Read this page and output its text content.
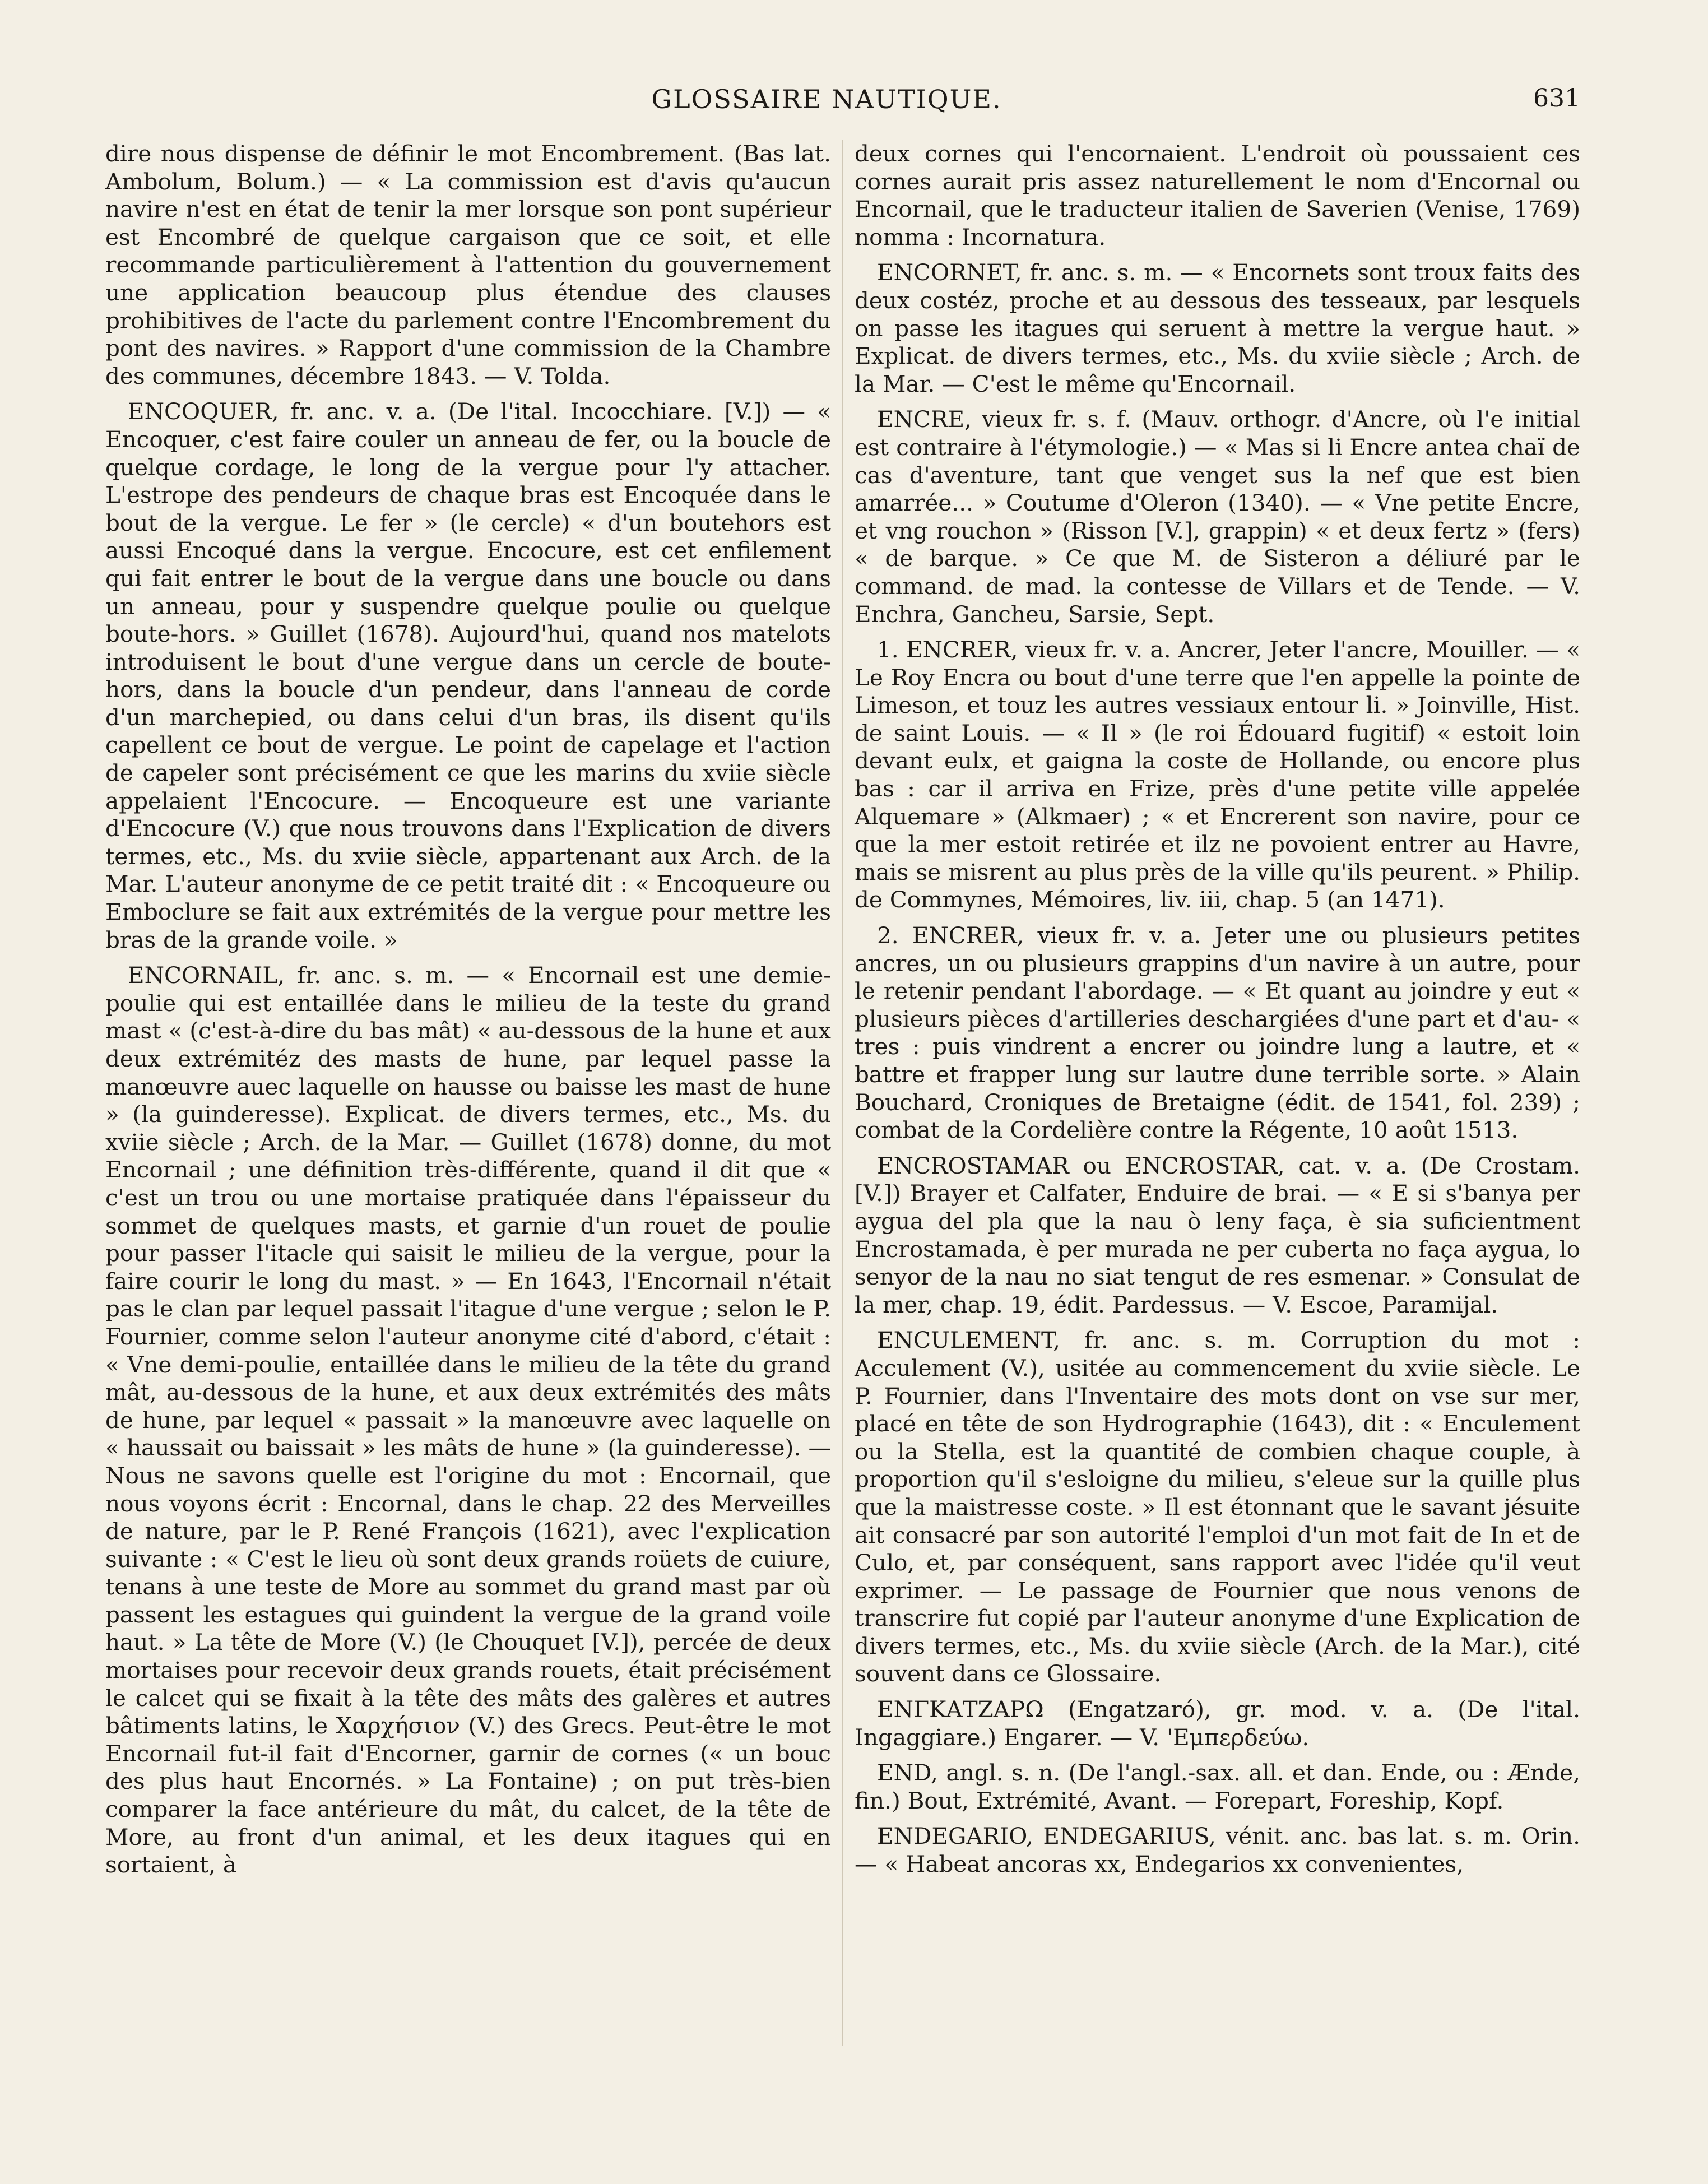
GLOSSAIRE NAUTIQUE.	631

dire nous dispense de définir le mot Encombrement. (Bas lat. Ambolum, Bolum.) — « La commission est d'avis qu'aucun navire n'est en état de tenir la mer lorsque son pont supérieur est Encombré de quelque cargaison que ce soit, et elle recommande particulièrement à l'attention du gouvernement une application beaucoup plus étendue des clauses prohibitives de l'acte du parlement contre l'Encombrement du pont des navires. » Rapport d'une commission de la Chambre des communes, décembre 1843. — V. Tolda.

ENCOQUER, fr. anc. v. a. (De l'ital. Incocchiare. [V.]) — « Encoquer, c'est faire couler un anneau de fer, ou la boucle de quelque cordage, le long de la vergue pour l'y attacher. L'estrope des pendeurs de chaque bras est Encoquée dans le bout de la vergue. Le fer » (le cercle) « d'un boutehors est aussi Encoqué dans la vergue. Encocure, est cet enfilement qui fait entrer le bout de la vergue dans une boucle ou dans un anneau, pour y suspendre quelque poulie ou quelque boute-hors. » Guillet (1678). Aujourd'hui, quand nos matelots introduisent le bout d'une vergue dans un cercle de boute-hors, dans la boucle d'un pendeur, dans l'anneau de corde d'un marchepied, ou dans celui d'un bras, ils disent qu'ils capellent ce bout de vergue. Le point de capelage et l'action de capeler sont précisément ce que les marins du xviie siècle appelaient l'Encocure. — Encoqueure est une variante d'Encocure (V.) que nous trouvons dans l'Explication de divers termes, etc., Ms. du xviie siècle, appartenant aux Arch. de la Mar. L'auteur anonyme de ce petit traité dit : « Encoqueure ou Emboclure se fait aux extrémités de la vergue pour mettre les bras de la grande voile. »

ENCORNAIL, fr. anc. s. m. — « Encornail est une demie-poulie qui est entaillée dans le milieu de la teste du grand mast « (c'est-à-dire du bas mât) « au-dessous de la hune et aux deux extrémitéz des masts de hune, par lequel passe la manœuvre auec laquelle on hausse ou baisse les mast de hune » (la guinderesse). Explicat. de divers termes, etc., Ms. du xviie siècle ; Arch. de la Mar. — Guillet (1678) donne, du mot Encornail ; une définition très-différente, quand il dit que « c'est un trou ou une mortaise pratiquée dans l'épaisseur du sommet de quelques masts, et garnie d'un rouet de poulie pour passer l'itacle qui saisit le milieu de la vergue, pour la faire courir le long du mast. » — En 1643, l'Encornail n'était pas le clan par lequel passait l'itague d'une vergue ; selon le P. Fournier, comme selon l'auteur anonyme cité d'abord, c'était : « Vne demi-poulie, entaillée dans le milieu de la tête du grand mât, au-dessous de la hune, et aux deux extrémités des mâts de hune, par lequel « passait » la manœuvre avec laquelle on « haussait ou baissait » les mâts de hune » (la guinderesse). — Nous ne savons quelle est l'origine du mot : Encornail, que nous voyons écrit : Encornal, dans le chap. 22 des Merveilles de nature, par le P. René François (1621), avec l'explication suivante : « C'est le lieu où sont deux grands roüets de cuiure, tenans à une teste de More au sommet du grand mast par où passent les estagues qui guindent la vergue de la grand voile haut. » La tête de More (V.) (le Chouquet [V.]), percée de deux mortaises pour recevoir deux grands rouets, était précisément le calcet qui se fixait à la tête des mâts des galères et autres bâtiments latins, le Χαρχήσιον (V.) des Grecs. Peut-être le mot Encornail fut-il fait d'Encorner, garnir de cornes (« un bouc des plus haut Encornés. » La Fontaine) ; on put très-bien comparer la face antérieure du mât, du calcet, de la tête de More, au front d'un animal, et les deux itagues qui en sortaient, à

deux cornes qui l'encornaient. L'endroit où poussaient ces cornes aurait pris assez naturellement le nom d'Encornal ou Encornail, que le traducteur italien de Saverien (Venise, 1769) nomma : Incornatura.

ENCORNET, fr. anc. s. m. — « Encornets sont troux faits des deux costéz, proche et au dessous des tesseaux, par lesquels on passe les itagues qui seruent à mettre la vergue haut. » Explicat. de divers termes, etc., Ms. du xviie siècle ; Arch. de la Mar. — C'est le même qu'Encornail.

ENCRE, vieux fr. s. f. (Mauv. orthogr. d'Ancre, où l'e initial est contraire à l'étymologie.) — « Mas si li Encre antea chaï de cas d'aventure, tant que venget sus la nef que est bien amarrée... » Coutume d'Oleron (1340). — « Vne petite Encre, et vng rouchon » (Risson [V.], grappin) « et deux fertz » (fers) « de barque. » Ce que M. de Sisteron a déliuré par le command. de mad. la contesse de Villars et de Tende. — V. Enchra, Gancheu, Sarsie, Sept.

1. ENCRER, vieux fr. v. a. Ancrer, Jeter l'ancre, Mouiller. — « Le Roy Encra ou bout d'une terre que l'en appelle la pointe de Limeson, et touz les autres vessiaux entour li. » Joinville, Hist. de saint Louis. — « Il » (le roi Édouard fugitif) « estoit loin devant eulx, et gaigna la coste de Hollande, ou encore plus bas : car il arriva en Frize, près d'une petite ville appelée Alquemare » (Alkmaer) ; « et Encrerent son navire, pour ce que la mer estoit retirée et ilz ne povoient entrer au Havre, mais se misrent au plus près de la ville qu'ils peurent. » Philip. de Commynes, Mémoires, liv. iii, chap. 5 (an 1471).

2. ENCRER, vieux fr. v. a. Jeter une ou plusieurs petites ancres, un ou plusieurs grappins d'un navire à un autre, pour le retenir pendant l'abordage. — « Et quant au joindre y eut « plusieurs pièces d'artilleries deschargiées d'une part et d'au- « tres : puis vindrent a encrer ou joindre lung a lautre, et « battre et frapper lung sur lautre dune terrible sorte. » Alain Bouchard, Croniques de Bretaigne (édit. de 1541, fol. 239) ; combat de la Cordelière contre la Régente, 10 août 1513.

ENCROSTAMAR ou ENCROSTAR, cat. v. a. (De Crostam. [V.]) Brayer et Calfater, Enduire de brai. — « E si s'banya per aygua del pla que la nau ò leny faça, è sia suficientment Encrostamada, è per murada ne per cuberta no faça aygua, lo senyor de la nau no siat tengut de res esmenar. » Consulat de la mer, chap. 19, édit. Pardessus. — V. Escoe, Paramijal.

ENCULEMENT, fr. anc. s. m. Corruption du mot : Acculement (V.), usitée au commencement du xviie siècle. Le P. Fournier, dans l'Inventaire des mots dont on vse sur mer, placé en tête de son Hydrographie (1643), dit : « Enculement ou la Stella, est la quantité de combien chaque couple, à proportion qu'il s'esloigne du milieu, s'eleue sur la quille plus que la maistresse coste. » Il est étonnant que le savant jésuite ait consacré par son autorité l'emploi d'un mot fait de In et de Culo, et, par conséquent, sans rapport avec l'idée qu'il veut exprimer. — Le passage de Fournier que nous venons de transcrire fut copié par l'auteur anonyme d'une Explication de divers termes, etc., Ms. du xviie siècle (Arch. de la Mar.), cité souvent dans ce Glossaire.

ΕΝΓΚΑΤΖΑΡΩ (Engatzaró), gr. mod. v. a. (De l'ital. Ingaggiare.) Engarer. — V. 'Εμπερδεύω.

END, angl. s. n. (De l'angl.-sax. all. et dan. Ende, ou : Ænde, fin.) Bout, Extrémité, Avant. — Forepart, Foreship, Kopf.

ENDEGARIO, ENDEGARIUS, vénit. anc. bas lat. s. m. Orin. — « Habeat ancoras xx, Endegarios xx convenientes,
